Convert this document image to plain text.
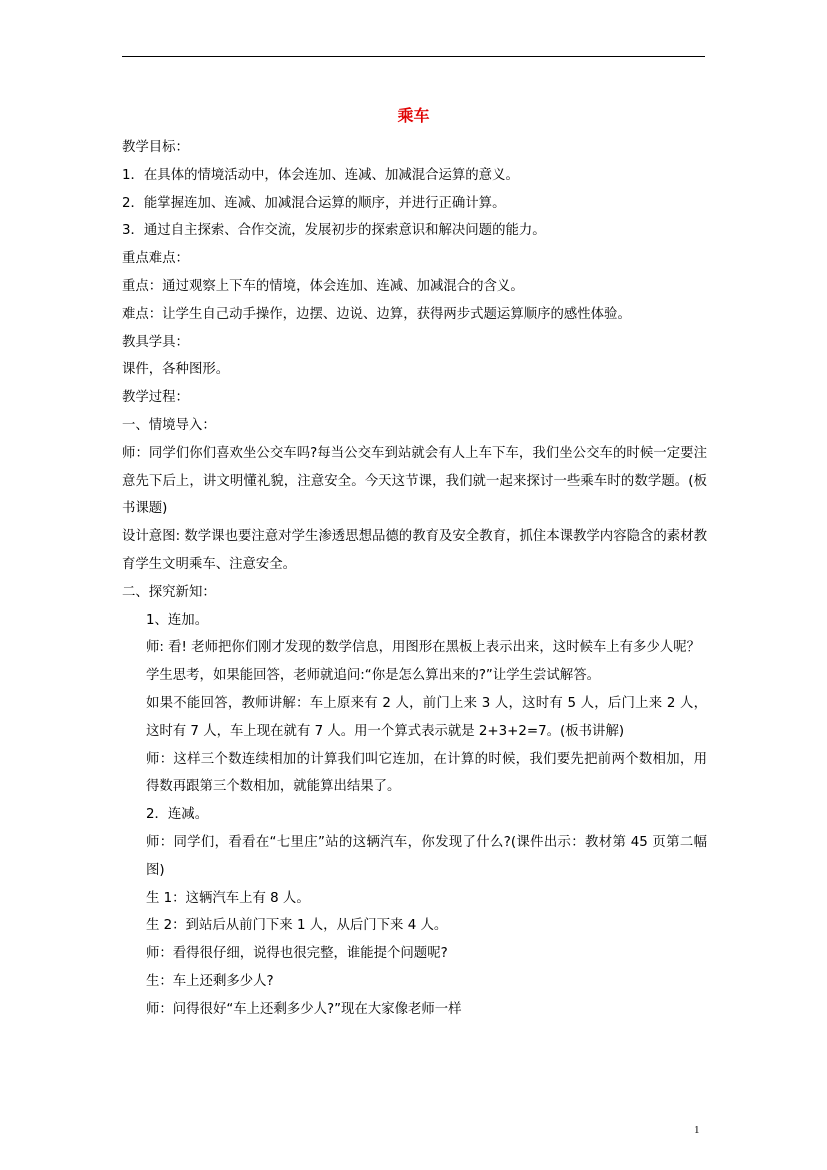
乘车

教学目标：

1．在具体的情境活动中，体会连加、连减、加减混合运算的意义。

2．能掌握连加、连减、加减混合运算的顺序，并进行正确计算。

3．通过自主探索、合作交流，发展初步的探索意识和解决问题的能力。

重点难点：

重点：通过观察上下车的情境，体会连加、连减、加减混合的含义。

难点：让学生自己动手操作，边摆、边说、边算，获得两步式题运算顺序的感性体验。

教具学具：

课件，各种图形。

教学过程：

一、情境导入：

师：同学们你们喜欢坐公交车吗?每当公交车到站就会有人上车下车，我们坐公交车的时候一定要注意先下后上，讲文明懂礼貌，注意安全。今天这节课，我们就一起来探讨一些乘车时的数学题。(板书课题)

设计意图: 数学课也要注意对学生渗透思想品德的教育及安全教育，抓住本课教学内容隐含的素材教育学生文明乘车、注意安全。

二、探究新知：

1、连加。

师: 看! 老师把你们刚才发现的数学信息，用图形在黑板上表示出来，这时候车上有多少人呢？

学生思考，如果能回答，老师就追问:“你是怎么算出来的?”让学生尝试解答。

如果不能回答，教师讲解：车上原来有 2 人，前门上来 3 人，这时有 5 人，后门上来 2 人，这时有 7 人，车上现在就有 7 人。用一个算式表示就是 2+3+2=7。(板书讲解)

师：这样三个数连续相加的计算我们叫它连加，在计算的时候，我们要先把前两个数相加，用得数再跟第三个数相加，就能算出结果了。

2．连减。

师：同学们，看看在“七里庄”站的这辆汽车，你发现了什么?(课件出示：教材第 45 页第二幅图)

生 1：这辆汽车上有 8 人。

生 2：到站后从前门下来 1 人，从后门下来 4 人。

师：看得很仔细，说得也很完整，谁能提个问题呢?

生：车上还剩多少人?

师：问得很好“车上还剩多少人?”现在大家像老师一样

1
